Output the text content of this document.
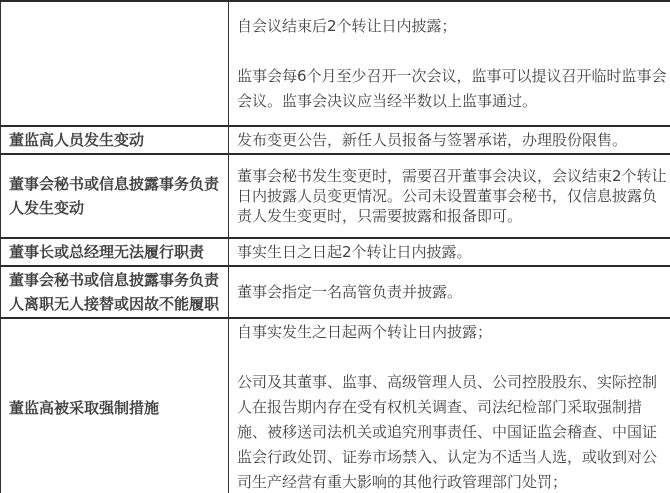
	自会议结束后2个转让日内披露；

监事会每6个月至少召开一次会议，监事可以提议召开临时监事会会议。监事会决议应当经半数以上监事通过。

董监高人员发生变动	发布变更公告，新任人员报备与签署承诺，办理股份限售。

董事会秘书或信息披露事务负责人发生变动	董事会秘书发生变更时，需要召开董事会决议，会议结束2个转让日内披露人员变更情况。公司未设置董事会秘书，仅信息披露负责人发生变更时，只需要披露和报备即可。

董事长或总经理无法履行职责	事实生日之日起2个转让日内披露。

董事会秘书或信息披露事务负责人离职无人接替或因故不能履职	董事会指定一名高管负责并披露。

董监高被采取强制措施	自事实发生之日起两个转让日内披露；

公司及其董事、监事、高级管理人员、公司控股股东、实际控制人在报告期内存在受有权机关调查、司法纪检部门采取强制措施、被移送司法机关或追究刑事责任、中国证监会稽查、中国证监会行政处罚、证券市场禁入、认定为不适当人选，或收到对公司生产经营有重大影响的其他行政管理部门处罚；
